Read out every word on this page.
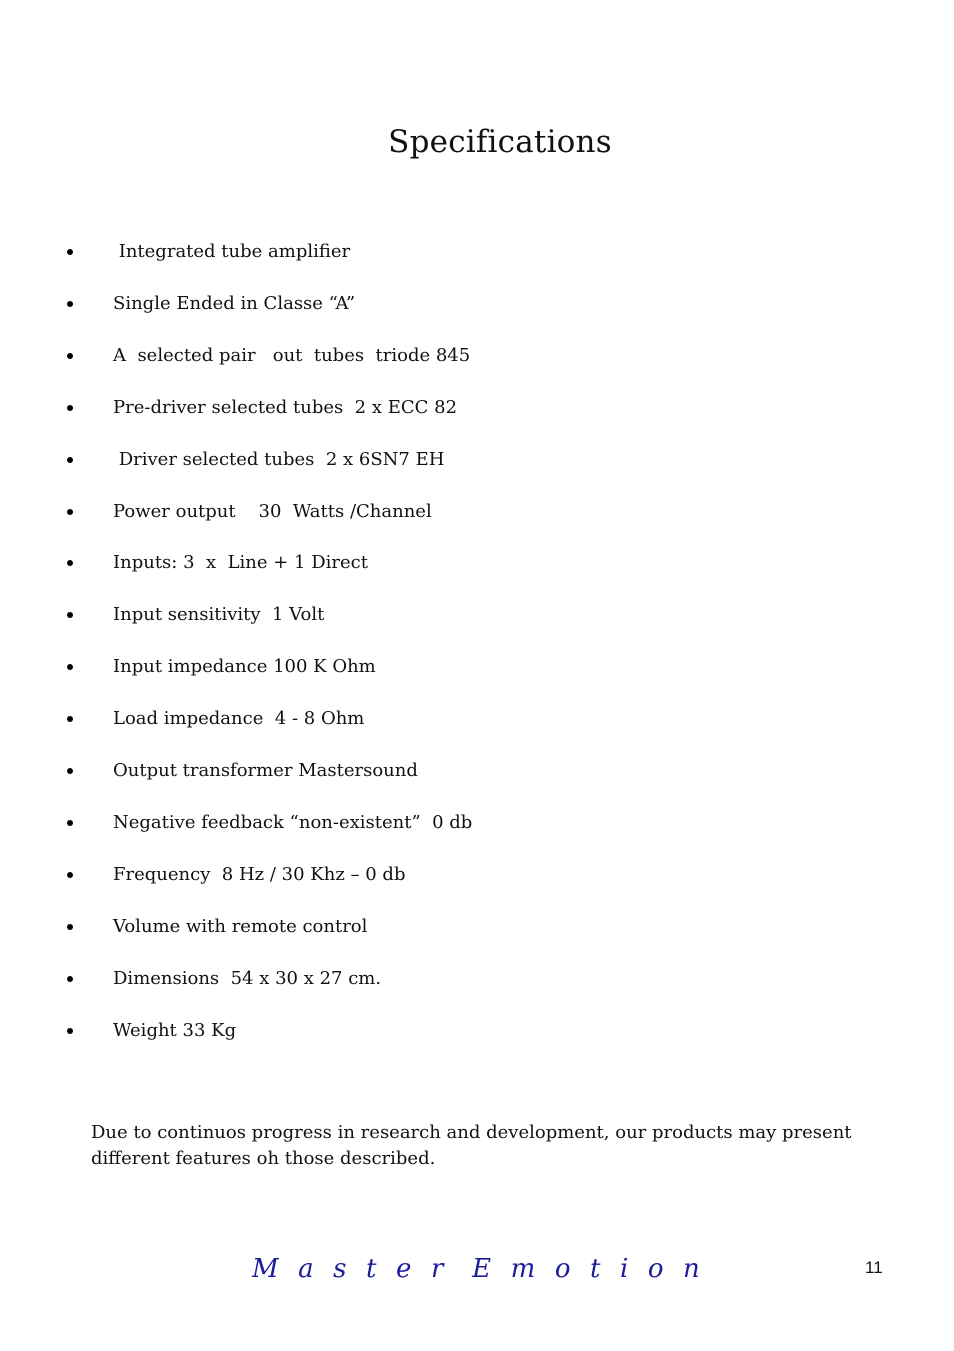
Specifications
Integrated tube amplifier
Single Ended in Classe “A”
A  selected pair   out  tubes  triode 845
Pre-driver selected tubes  2 x ECC 82
Driver selected tubes  2 x 6SN7 EH
Power output    30  Watts /Channel
Inputs: 3  x  Line + 1 Direct
Input sensitivity  1 Volt
Input impedance 100 K Ohm
Load impedance  4 - 8 Ohm
Output transformer Mastersound
Negative feedback “non-existent”  0 db
Frequency  8 Hz / 30 Khz – 0 db
Volume with remote control
Dimensions  54 x 30 x 27 cm.
Weight 33 Kg
Due to continuos progress in research and development, our products may present different features oh those described.
M  a  s  t  e  r   E  m  o  t  i  o  n	11
